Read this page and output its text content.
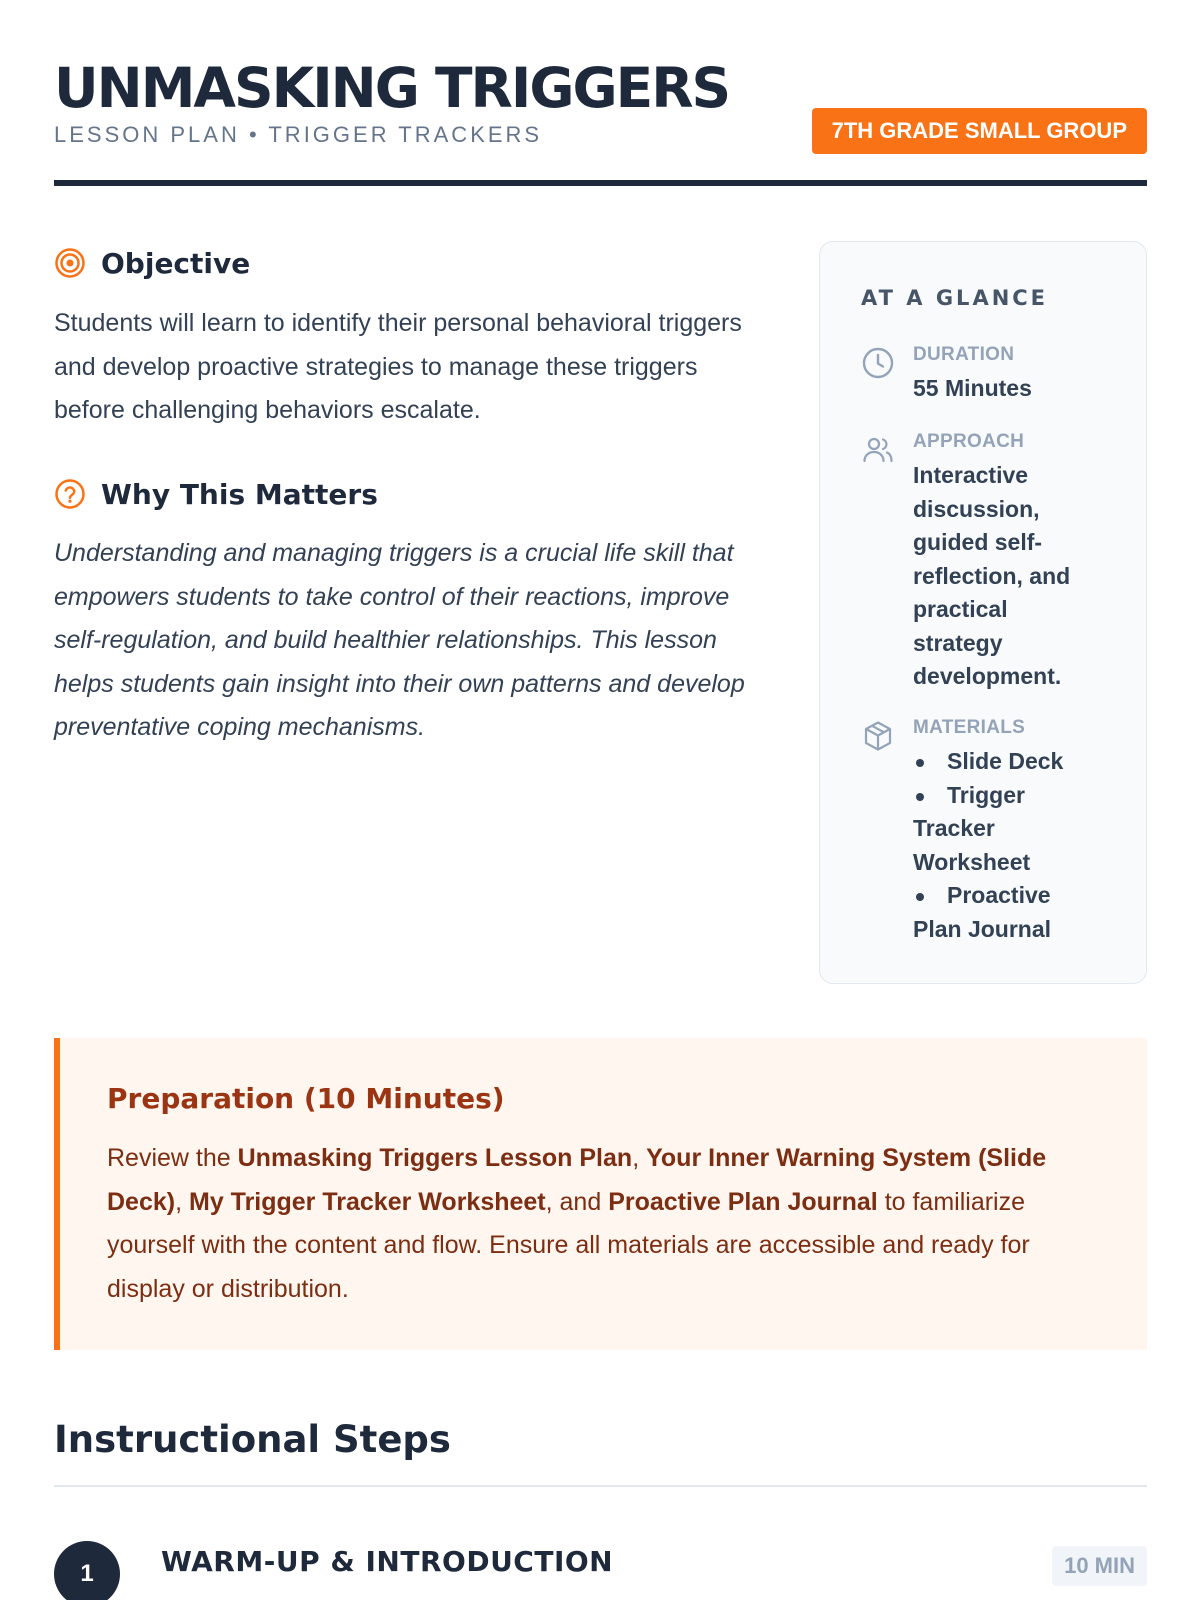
UNMASKING TRIGGERS
LESSON PLAN • TRIGGER TRACKERS	7TH GRADE SMALL GROUP
Objective

Students will learn to identify their personal behavioral triggers and develop proactive strategies to manage these triggers before challenging behaviors escalate.

Why This Matters

Understanding and managing triggers is a crucial life skill that empowers students to take control of their reactions, improve self-regulation, and build healthier relationships. This lesson helps students gain insight into their own patterns and develop preventative coping mechanisms.

AT A GLANCE
DURATION
55 Minutes
APPROACH
Interactive discussion, guided self-reflection, and practical strategy development.
MATERIALS
Slide Deck
Trigger Tracker Worksheet
Proactive Plan Journal
Preparation (10 Minutes)

Review the Unmasking Triggers Lesson Plan, Your Inner Warning System (Slide Deck), My Trigger Tracker Worksheet, and Proactive Plan Journal to familiarize yourself with the content and flow. Ensure all materials are accessible and ready for display or distribution.

Instructional Steps
1	WARM-UP & INTRODUCTION	10 MIN
